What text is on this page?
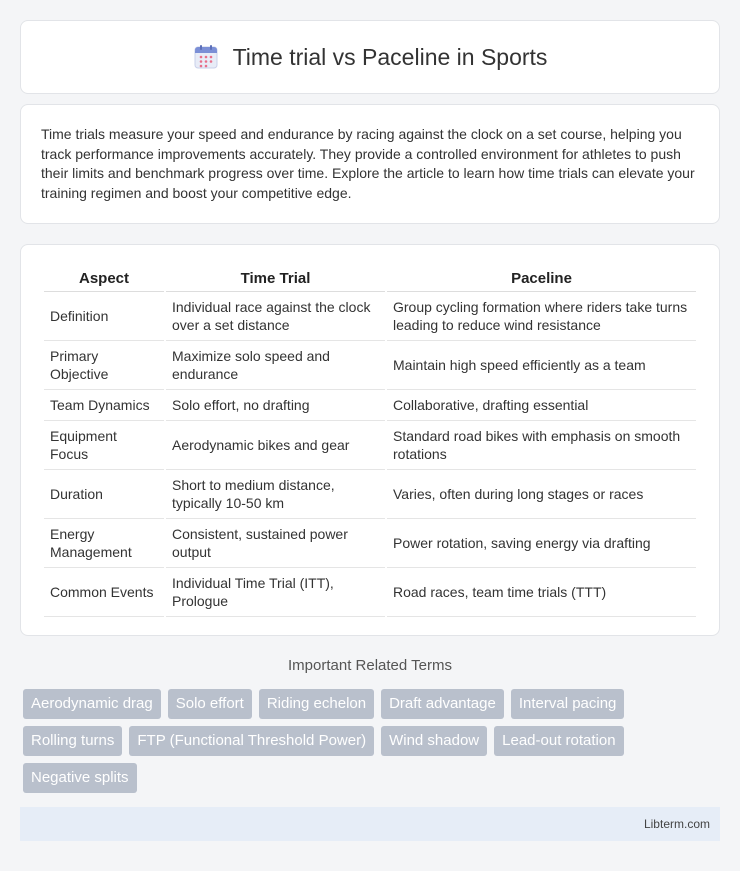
Time trial vs Paceline in Sports

Time trials measure your speed and endurance by racing against the clock on a set course, helping you track performance improvements accurately. They provide a controlled environment for athletes to push their limits and benchmark progress over time. Explore the article to learn how time trials can elevate your training regimen and boost your competitive edge.

Aspect	Time Trial	Paceline
Definition	Individual race against the clock over a set distance	Group cycling formation where riders take turns leading to reduce wind resistance
Primary Objective	Maximize solo speed and endurance	Maintain high speed efficiently as a team
Team Dynamics	Solo effort, no drafting	Collaborative, drafting essential
Equipment Focus	Aerodynamic bikes and gear	Standard road bikes with emphasis on smooth rotations
Duration	Short to medium distance, typically 10-50 km	Varies, often during long stages or races
Energy Management	Consistent, sustained power output	Power rotation, saving energy via drafting
Common Events	Individual Time Trial (ITT), Prologue	Road races, team time trials (TTT)
Important Related Terms
Aerodynamic drag	Solo effort	Riding echelon	Draft advantage	Interval pacing
Rolling turns	FTP (Functional Threshold Power)	Wind shadow	Lead-out rotation
Negative splits
Libterm.com
